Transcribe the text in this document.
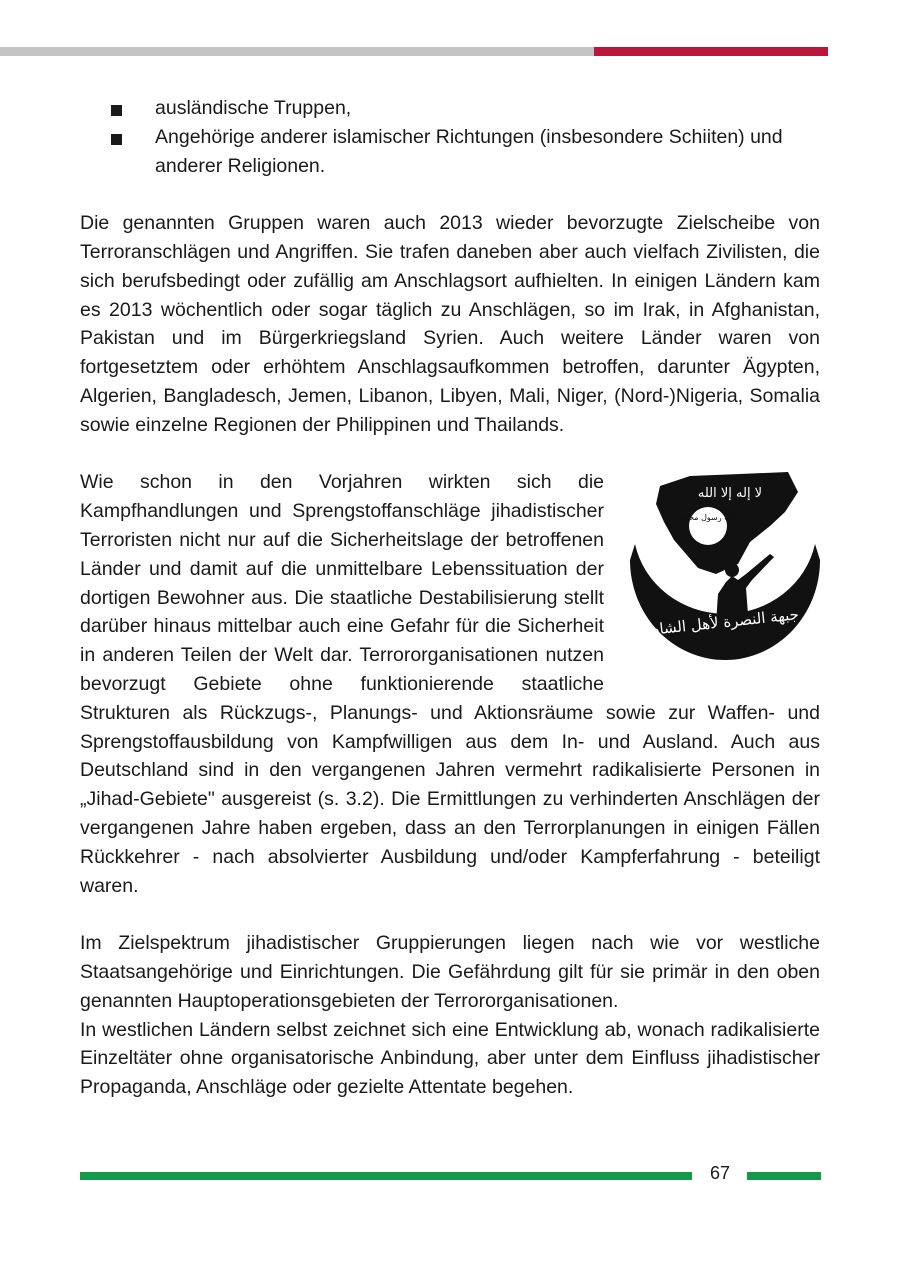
ausländische Truppen,
Angehörige anderer islamischer Richtungen (insbesondere Schiiten) und anderer Religionen.

Die genannten Gruppen waren auch 2013 wieder bevorzugte Zielscheibe von Terroranschlägen und Angriffen. Sie trafen daneben aber auch vielfach Zivilisten, die sich berufsbedingt oder zufällig am Anschlagsort aufhielten. In einigen Ländern kam es 2013 wöchentlich oder sogar täglich zu Anschlägen, so im Irak, in Afghanistan, Pakistan und im Bürgerkriegsland Syrien. Auch weitere Länder waren von fortgesetztem oder erhöhtem Anschlagsaufkommen betroffen, darunter Ägypten, Algerien, Bangladesch, Jemen, Libanon, Libyen, Mali, Niger, (Nord-)Nigeria, Somalia sowie einzelne Regionen der Philippinen und Thailands.

الله رسول محمد
لا إله إلا الله
جبهة النصرة لأهل الشام

Wie schon in den Vorjahren wirkten sich die Kampfhandlungen und Sprengstoffanschläge jihadistischer Terroristen nicht nur auf die Sicherheitslage der betroffenen Länder und damit auf die unmittelbare Lebenssituation der dortigen Bewohner aus. Die staatliche Destabilisierung stellt darüber hinaus mittelbar auch eine Gefahr für die Sicherheit in anderen Teilen der Welt dar. Terrororganisationen nutzen bevorzugt Gebiete ohne funktionierende staatliche Strukturen als Rückzugs-, Planungs- und Aktionsräume sowie zur Waffen- und Sprengstoffausbildung von Kampfwilligen aus dem In- und Ausland. Auch aus Deutschland sind in den vergangenen Jahren vermehrt radikalisierte Personen in „Jihad-Gebiete" ausgereist (s. 3.2). Die Ermittlungen zu verhinderten Anschlägen der vergangenen Jahre haben ergeben, dass an den Terrorplanungen in einigen Fällen Rückkehrer - nach absolvierter Ausbildung und/oder Kampferfahrung - beteiligt waren.

Im Zielspektrum jihadistischer Gruppierungen liegen nach wie vor westliche Staatsangehörige und Einrichtungen. Die Gefährdung gilt für sie primär in den oben genannten Hauptoperationsgebieten der Terrororganisationen.

In westlichen Ländern selbst zeichnet sich eine Entwicklung ab, wonach radikalisierte Einzeltäter ohne organisatorische Anbindung, aber unter dem Einfluss jihadistischer Propaganda, Anschläge oder gezielte Attentate begehen.

67
